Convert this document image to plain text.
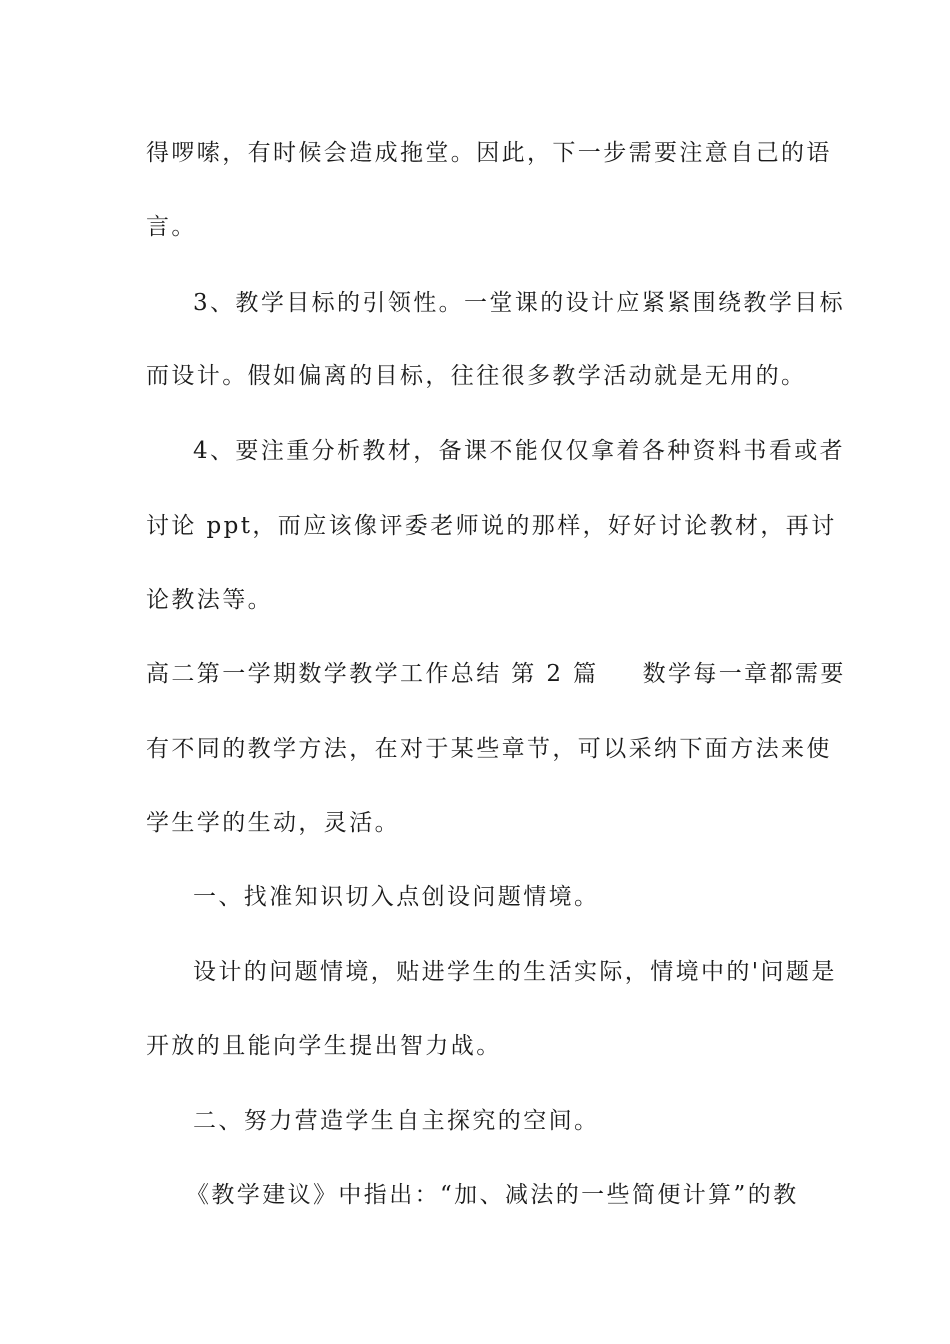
得啰嗦，有时候会造成拖堂。因此，下一步需要注意自己的语
言。
3、教学目标的引领性。一堂课的设计应紧紧围绕教学目标
而设计。假如偏离的目标，往往很多教学活动就是无用的。
4、要注重分析教材，备课不能仅仅拿着各种资料书看或者
讨论 ppt，而应该像评委老师说的那样，好好讨论教材，再讨
论教法等。
高二第一学期数学教学工作总结 第 2 篇 数学每一章都需要
有不同的教学方法，在对于某些章节，可以采纳下面方法来使
学生学的生动，灵活。
一、找准知识切入点创设问题情境。
设计的问题情境，贴进学生的生活实际，情境中的'问题是
开放的且能向学生提出智力战。
二、努力营造学生自主探究的空间。
《教学建议》中指出：“加、减法的一些简便计算”的教
